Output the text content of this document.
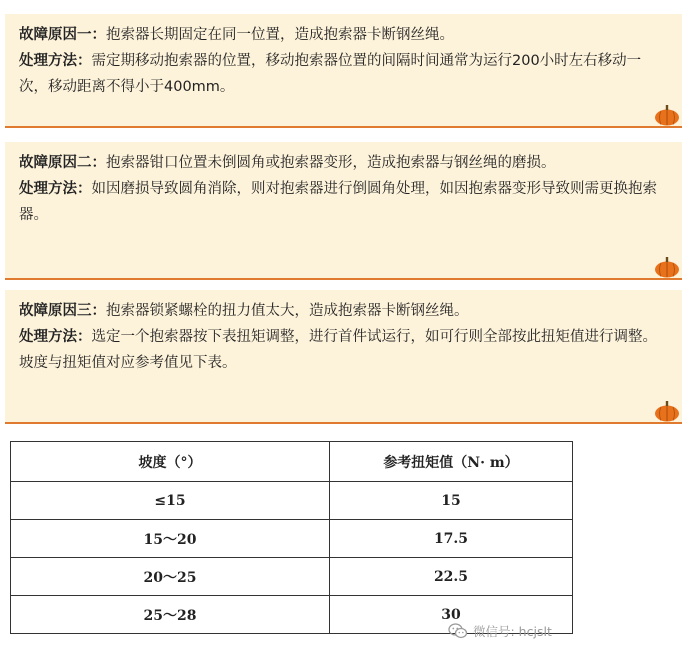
故障原因一：抱索器长期固定在同一位置，造成抱索器卡断钢丝绳。
处理方法：需定期移动抱索器的位置，移动抱索器位置的间隔时间通常为运行200小时左右移动一次，移动距离不得小于400mm。
故障原因二：抱索器钳口位置未倒圆角或抱索器变形，造成抱索器与钢丝绳的磨损。
处理方法：如因磨损导致圆角消除，则对抱索器进行倒圆角处理，如因抱索器变形导致则需更换抱索器。
故障原因三：抱索器锁紧螺栓的扭力值太大，造成抱索器卡断钢丝绳。
处理方法：选定一个抱索器按下表扭矩调整，进行首件试运行，如可行则全部按此扭矩值进行调整。
坡度与扭矩值对应参考值见下表。
坡度（°）	参考扭矩值（N· m）
≤15	15
15～20	17.5
20～25	22.5
25～28	30
微信号: hcjslt
